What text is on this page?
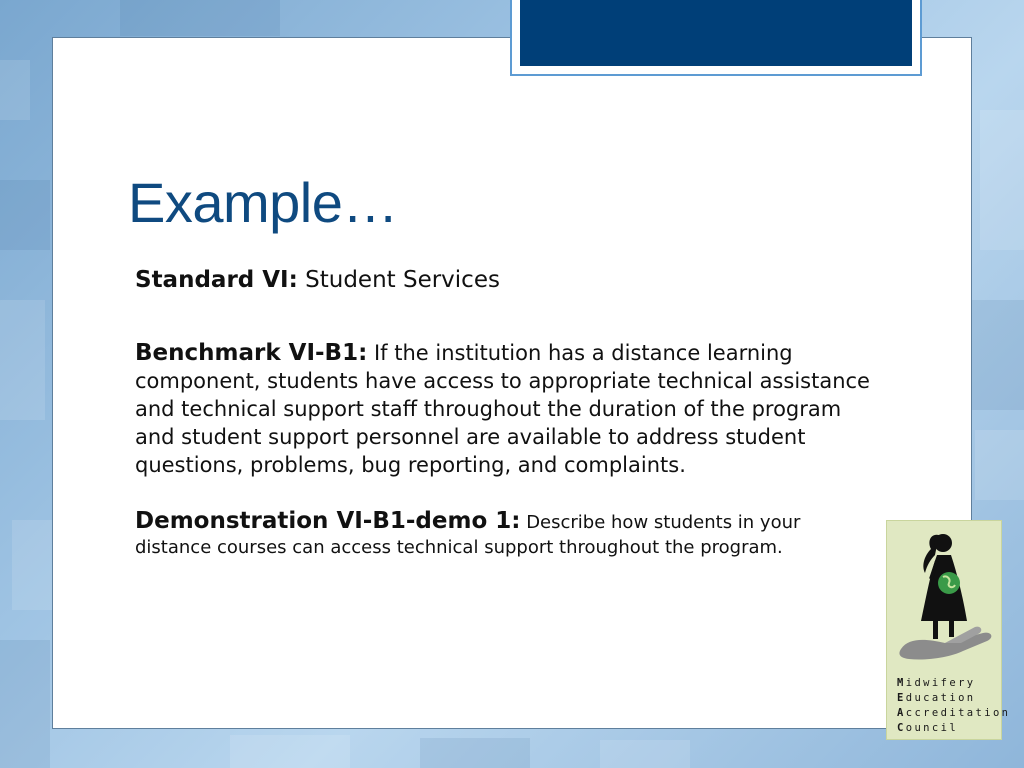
Example…

Standard VI: Student Services

Benchmark VI-B1: If the institution has a distance learning component, students have access to appropriate technical assistance and technical support staff throughout the duration of the program and student support personnel are available to address student questions, problems, bug reporting, and complaints.

Demonstration VI-B1-demo 1: Describe how students in your distance courses can access technical support throughout the program.

Midwifery
Education
Accreditation
Council
